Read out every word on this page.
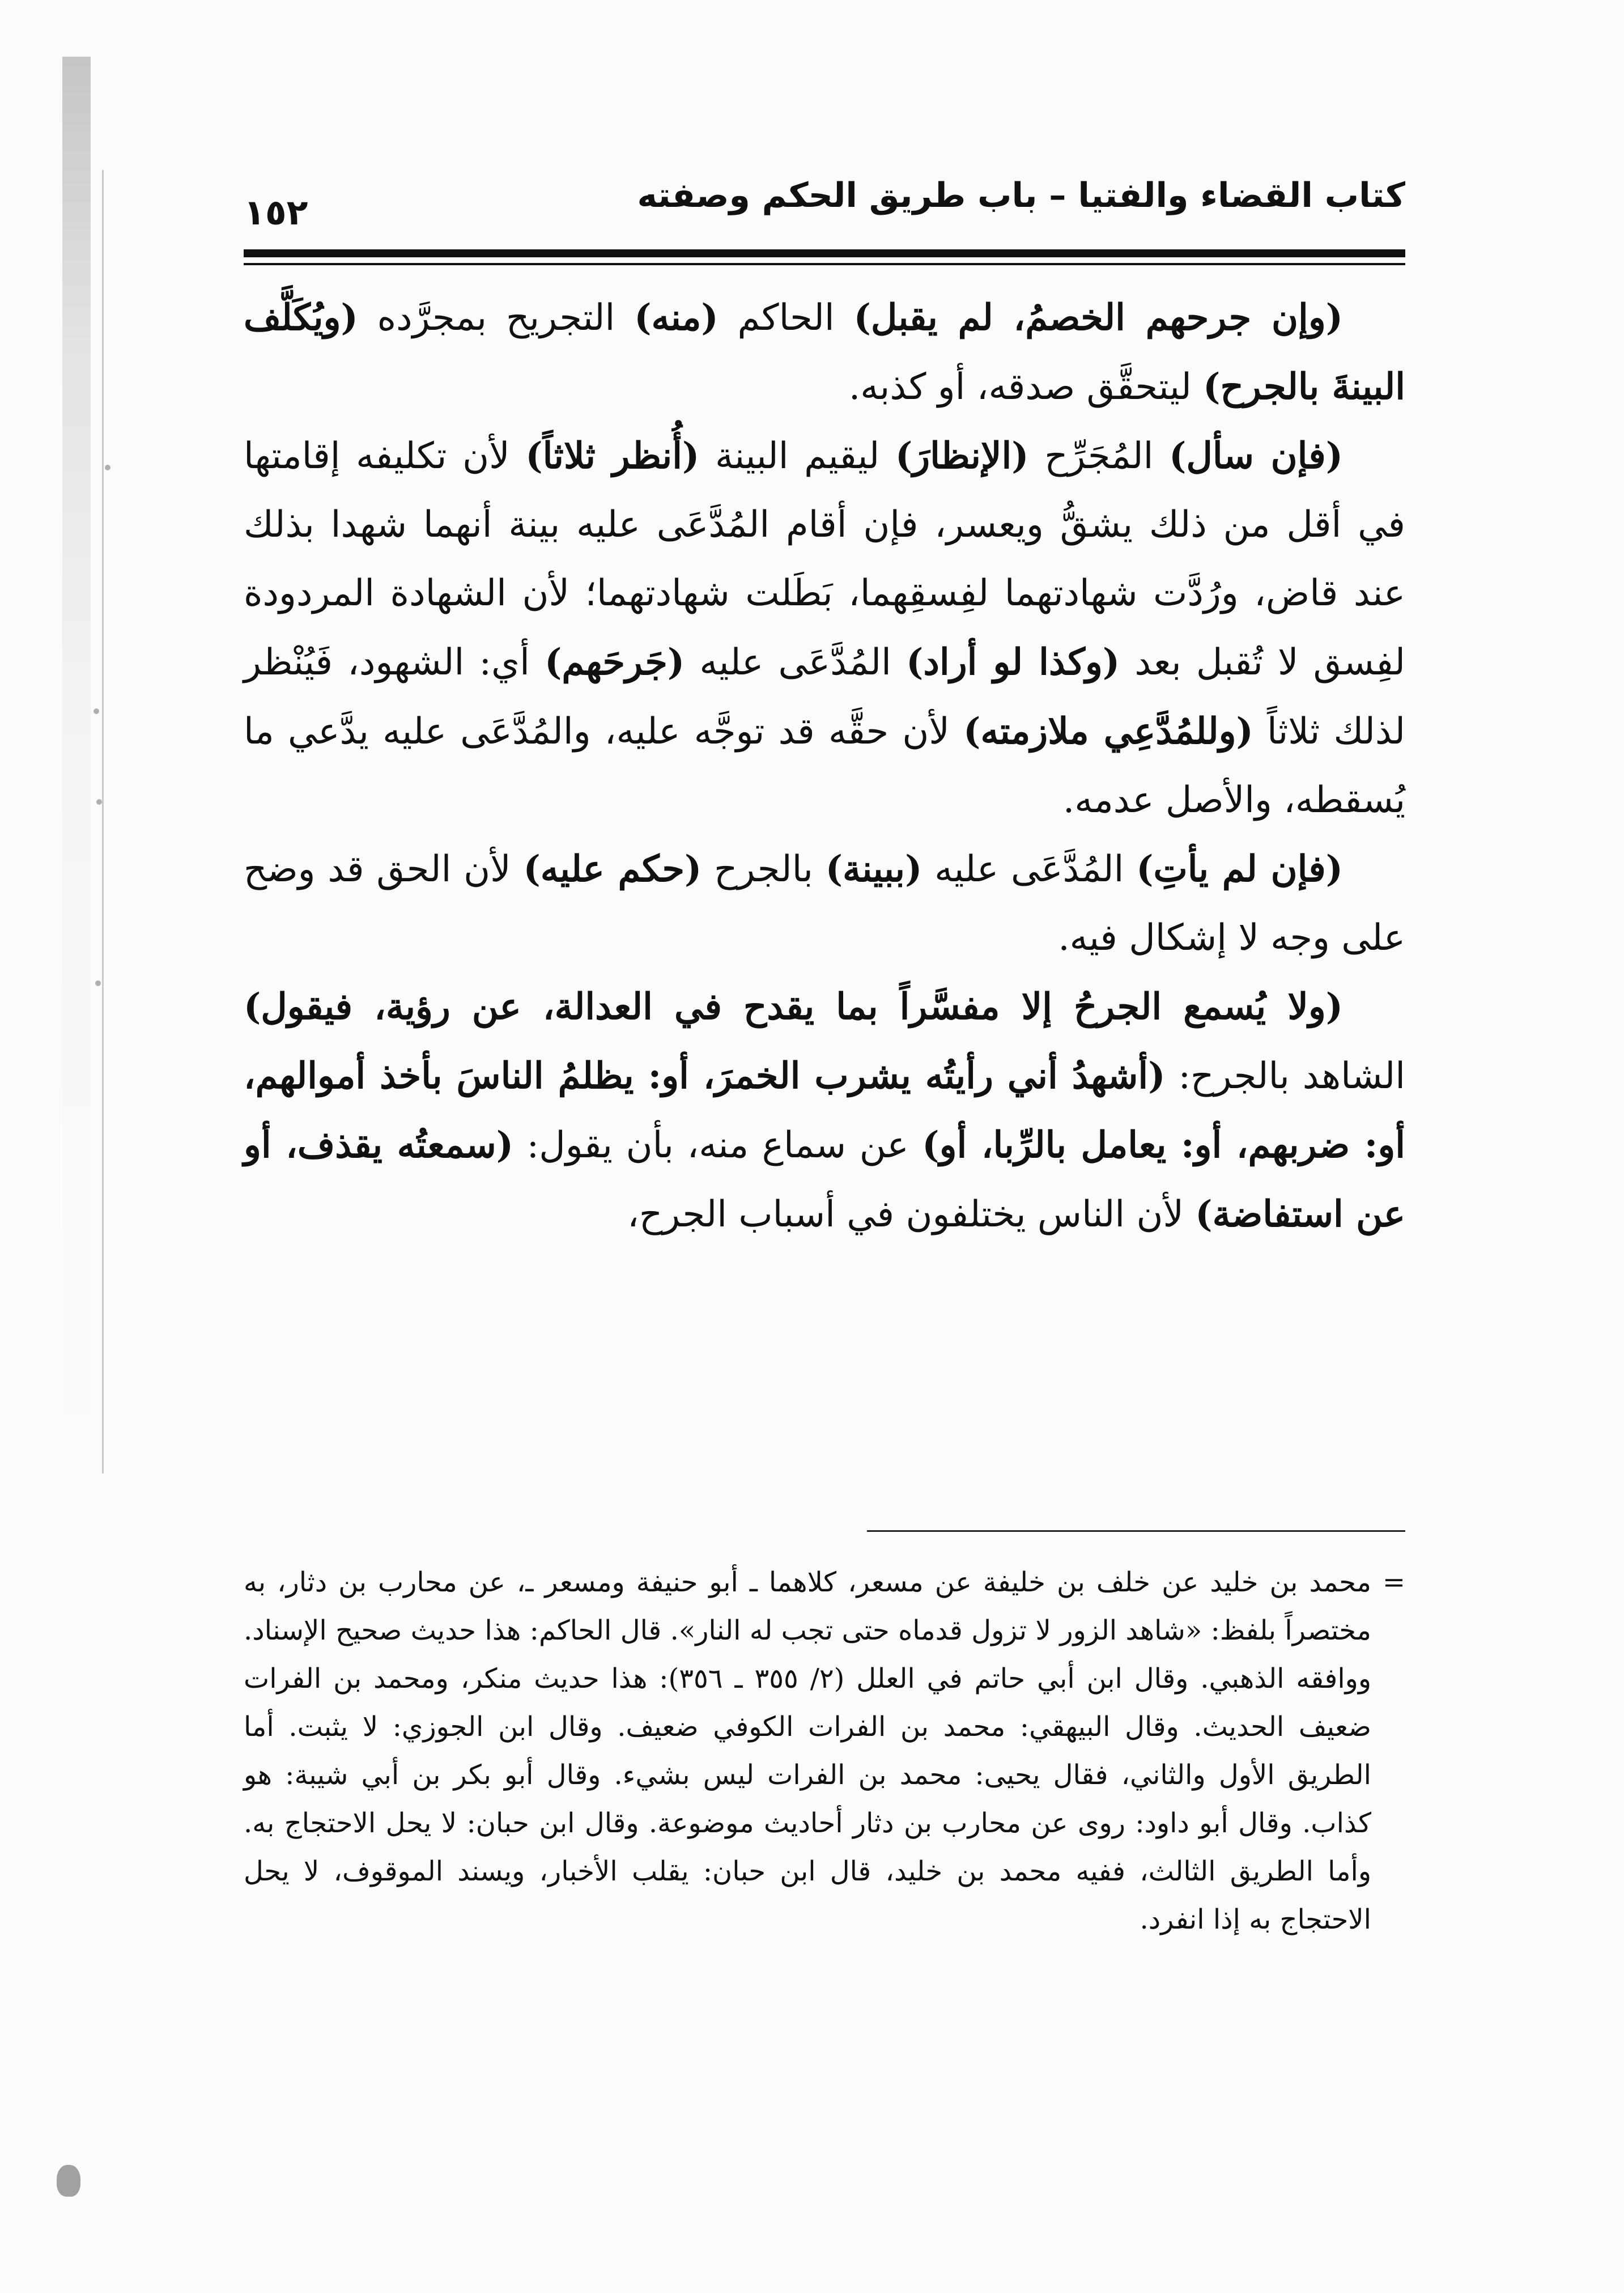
كتاب القضاء والفتيا – باب طريق الحكم وصفته
١٥٢

(وإن جرحهم الخصمُ، لم يقبل) الحاكم (منه) التجريح بمجرَّده (ويُكَلَّف البينةَ بالجرح) ليتحقَّق صدقه، أو كذبه.

(فإن سأل) المُجَرِّح (الإنظارَ) ليقيم البينة (أُنظر ثلاثاً) لأن تكليفه إقامتها في أقل من ذلك يشقُّ ويعسر، فإن أقام المُدَّعَى عليه بينة أنهما شهدا بذلك عند قاض، ورُدَّت شهادتهما لفِسقِهما، بَطَلت شهادتهما؛ لأن الشهادة المردودة لفِسق لا تُقبل بعد (وكذا لو أراد) المُدَّعَى عليه (جَرحَهم) أي: الشهود، فَيُنْظر لذلك ثلاثاً (وللمُدَّعِي ملازمته) لأن حقَّه قد توجَّه عليه، والمُدَّعَى عليه يدَّعي ما يُسقطه، والأصل عدمه.

(فإن لم يأتِ) المُدَّعَى عليه (ببينة) بالجرح (حكم عليه) لأن الحق قد وضح على وجه لا إشكال فيه.

(ولا يُسمع الجرحُ إلا مفسَّراً بما يقدح في العدالة، عن رؤية، فيقول) الشاهد بالجرح: (أشهدُ أني رأيتُه يشرب الخمرَ، أو: يظلمُ الناسَ بأخذ أموالهم، أو: ضربهم، أو: يعامل بالرِّبا، أو) عن سماع منه، بأن يقول: (سمعتُه يقذف، أو عن استفاضة) لأن الناس يختلفون في أسباب الجرح،

=

محمد بن خليد عن خلف بن خليفة عن مسعر، كلاهما ـ أبو حنيفة ومسعر ـ، عن محارب بن دثار، به مختصراً بلفظ: «شاهد الزور لا تزول قدماه حتى تجب له النار». قال الحاكم: هذا حديث صحيح الإسناد. ووافقه الذهبي. وقال ابن أبي حاتم في العلل (٢/ ٣٥٥ ـ ٣٥٦): هذا حديث منكر، ومحمد بن الفرات ضعيف الحديث. وقال البيهقي: محمد بن الفرات الكوفي ضعيف. وقال ابن الجوزي: لا يثبت. أما الطريق الأول والثاني، فقال يحيى: محمد بن الفرات ليس بشيء. وقال أبو بكر بن أبي شيبة: هو كذاب. وقال أبو داود: روى عن محارب بن دثار أحاديث موضوعة. وقال ابن حبان: لا يحل الاحتجاج به. وأما الطريق الثالث، ففيه محمد بن خليد، قال ابن حبان: يقلب الأخبار، ويسند الموقوف، لا يحل الاحتجاج به إذا انفرد.
